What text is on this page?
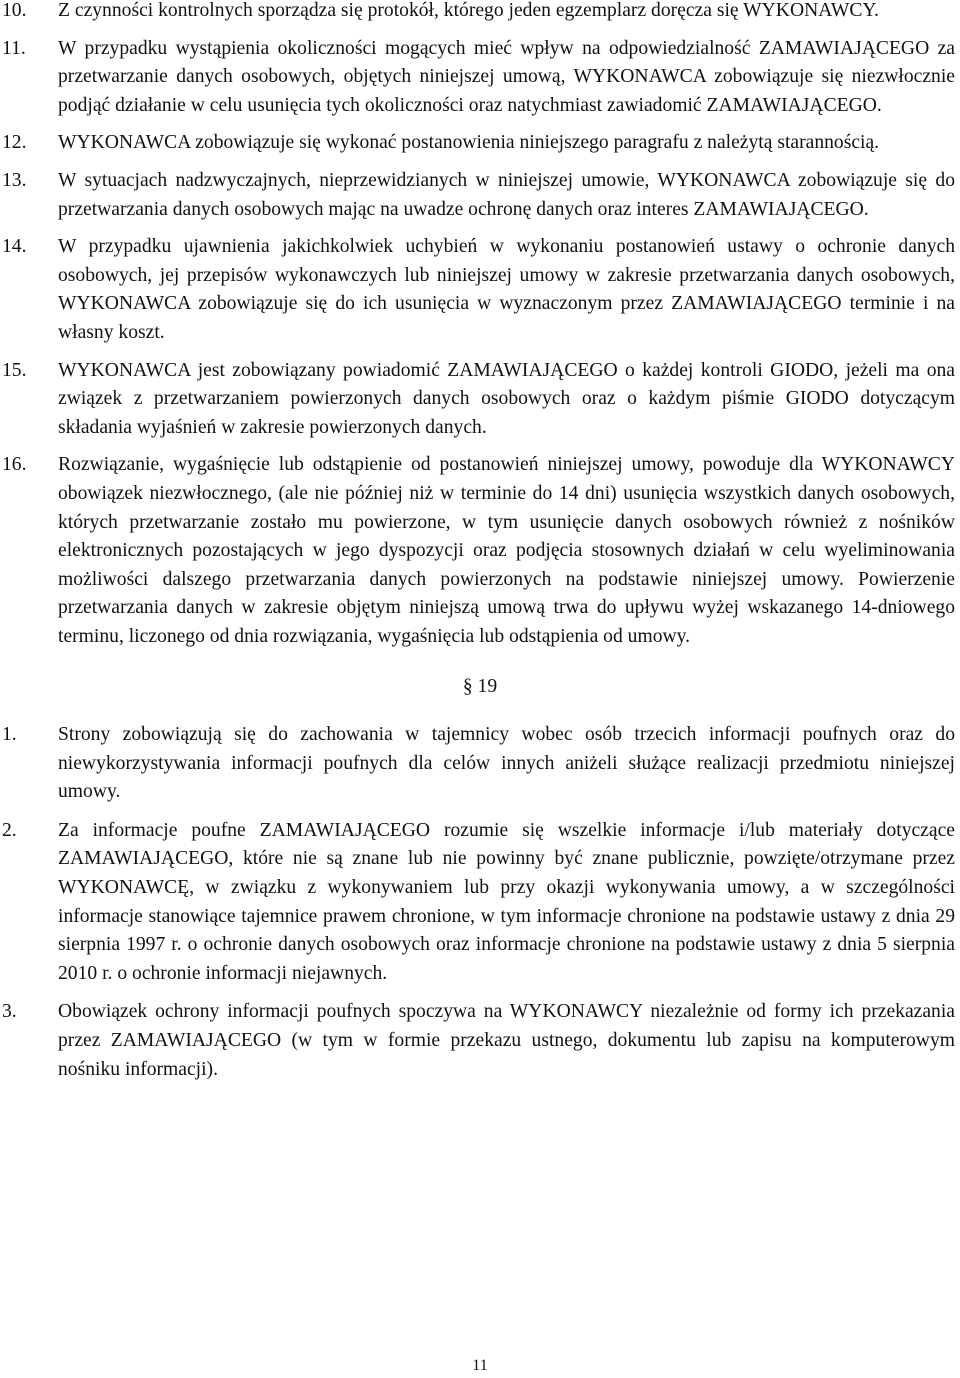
10. Z czynności kontrolnych sporządza się protokół, którego jeden egzemplarz doręcza się WYKONAWCY.

11. W przypadku wystąpienia okoliczności mogących mieć wpływ na odpowiedzialność ZAMAWIAJĄCEGO za przetwarzanie danych osobowych, objętych niniejszej umową, WYKONAWCA zobowiązuje się niezwłocznie podjąć działanie w celu usunięcia tych okoliczności oraz natychmiast zawiadomić ZAMAWIAJĄCEGO.

12. WYKONAWCA zobowiązuje się wykonać postanowienia niniejszego paragrafu z należytą starannością.

13. W sytuacjach nadzwyczajnych, nieprzewidzianych w niniejszej umowie, WYKONAWCA zobowiązuje się do przetwarzania danych osobowych mając na uwadze ochronę danych oraz interes ZAMAWIAJĄCEGO.

14. W przypadku ujawnienia jakichkolwiek uchybień w wykonaniu postanowień ustawy o ochronie danych osobowych, jej przepisów wykonawczych lub niniejszej umowy w zakresie przetwarzania danych osobowych, WYKONAWCA zobowiązuje się do ich usunięcia w wyznaczonym przez ZAMAWIAJĄCEGO terminie i na własny koszt.

15. WYKONAWCA jest zobowiązany powiadomić ZAMAWIAJĄCEGO o każdej kontroli GIODO, jeżeli ma ona związek z przetwarzaniem powierzonych danych osobowych oraz o każdym piśmie GIODO dotyczącym składania wyjaśnień w zakresie powierzonych danych.

16. Rozwiązanie, wygaśnięcie lub odstąpienie od postanowień niniejszej umowy, powoduje dla WYKONAWCY obowiązek niezwłocznego, (ale nie później niż w terminie do 14 dni) usunięcia wszystkich danych osobowych, których przetwarzanie zostało mu powierzone, w tym usunięcie danych osobowych również z nośników elektronicznych pozostających w jego dyspozycji oraz podjęcia stosownych działań w celu wyeliminowania możliwości dalszego przetwarzania danych powierzonych na podstawie niniejszej umowy. Powierzenie przetwarzania danych w zakresie objętym niniejszą umową trwa do upływu wyżej wskazanego 14-dniowego terminu, liczonego od dnia rozwiązania, wygaśnięcia lub odstąpienia od umowy.

§ 19

1. Strony zobowiązują się do zachowania w tajemnicy wobec osób trzecich informacji poufnych oraz do niewykorzystywania informacji poufnych dla celów innych aniżeli służące realizacji przedmiotu niniejszej umowy.

2. Za informacje poufne ZAMAWIAJĄCEGO rozumie się wszelkie informacje i/lub materiały dotyczące ZAMAWIAJĄCEGO, które nie są znane lub nie powinny być znane publicznie, powzięte/otrzymane przez WYKONAWCĘ, w związku z wykonywaniem lub przy okazji wykonywania umowy, a w szczególności informacje stanowiące tajemnice prawem chronione, w tym informacje chronione na podstawie ustawy z dnia 29 sierpnia 1997 r. o ochronie danych osobowych oraz informacje chronione na podstawie ustawy z dnia 5 sierpnia 2010 r. o ochronie informacji niejawnych.

3. Obowiązek ochrony informacji poufnych spoczywa na WYKONAWCY niezależnie od formy ich przekazania przez ZAMAWIAJĄCEGO (w tym w formie przekazu ustnego, dokumentu lub zapisu na komputerowym nośniku informacji).

11
